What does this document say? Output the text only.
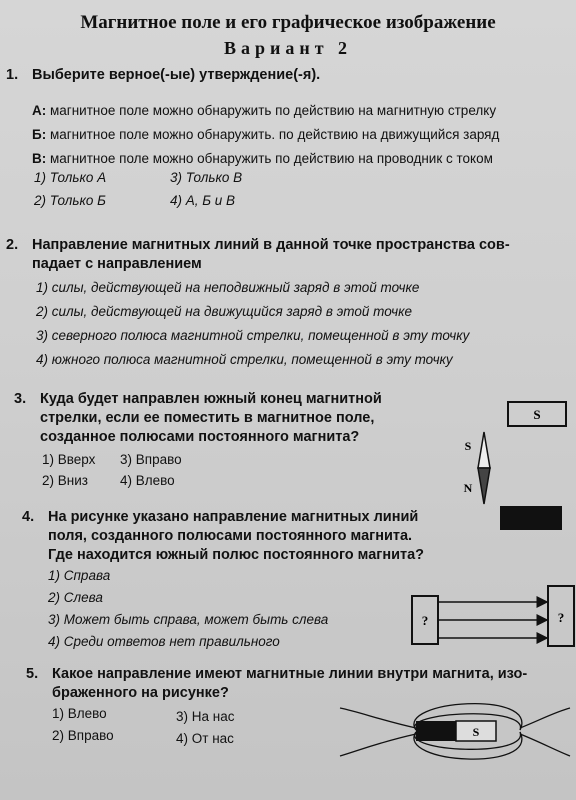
Магнитное поле и его графическое изображение
Вариант 2
1. Выберите верное(-ые) утверждение(-я).
А: магнитное поле можно обнаружить по действию на магнитную стрелку
Б: магнитное поле можно обнаружить. по действию на движущийся заряд
В: магнитное поле можно обнаружить по действию на проводник с током
1) Только А
2) Только Б
3) Только В
4) А, Б и В
2. Направление магнитных линий в данной точке пространства сов-
падает с направлением
1) силы, действующей на неподвижный заряд в этой точке
2) силы, действующей на движущийся заряд в этой точке
3) северного полюса магнитной стрелки, помещенной в эту точку
4) южного полюса магнитной стрелки, помещенной в эту точку
3. Куда будет направлен южный конец магнитной
стрелки, если ее поместить в магнитное поле,
созданное полюсами постоянного магнита?
1) Вверх
2) Вниз
3) Вправо
4) Влево
S
S
N
4. На рисунке указано направление магнитных линий
поля, созданного полюсами постоянного магнита.
Где находится южный полюс постоянного магнита?
1) Справа
2) Слева
3) Может быть справа, может быть слева
4) Среди ответов нет правильного
?	?
5. Какое направление имеют магнитные линии внутри магнита, изо-
браженного на рисунке?
1) Влево
2) Вправо
3) На нас
4) От нас	S
